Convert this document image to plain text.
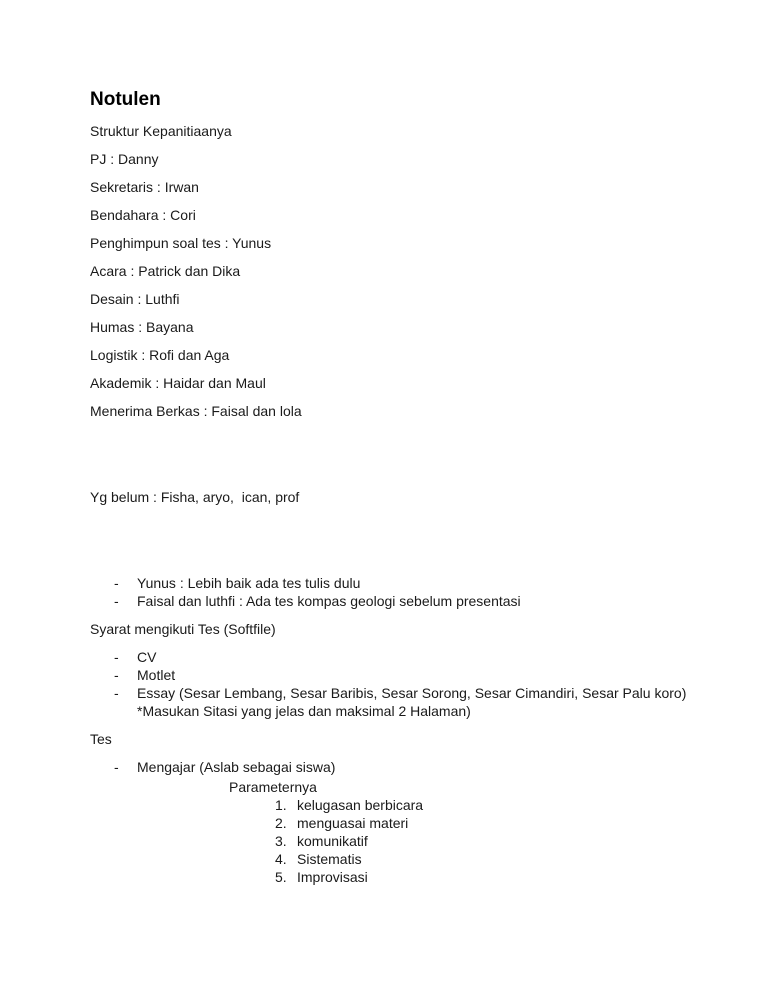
Notulen

Struktur Kepanitiaanya

PJ : Danny

Sekretaris : Irwan

Bendahara : Cori

Penghimpun soal tes : Yunus

Acara : Patrick dan Dika

Desain : Luthfi

Humas : Bayana

Logistik : Rofi dan Aga

Akademik : Haidar dan Maul

Menerima Berkas : Faisal dan lola

Yg belum : Fisha, aryo,  ican, prof

- Yunus : Lebih baik ada tes tulis dulu
- Faisal dan luthfi : Ada tes kompas geologi sebelum presentasi

Syarat mengikuti Tes (Softfile)

- CV
- Motlet
- Essay (Sesar Lembang, Sesar Baribis, Sesar Sorong, Sesar Cimandiri, Sesar Palu koro) *Masukan Sitasi yang jelas dan maksimal 2 Halaman)

Tes

- Mengajar (Aslab sebagai siswa)
Parameternya
1. kelugasan berbicara
2. menguasai materi
3. komunikatif
4. Sistematis
5. Improvisasi
